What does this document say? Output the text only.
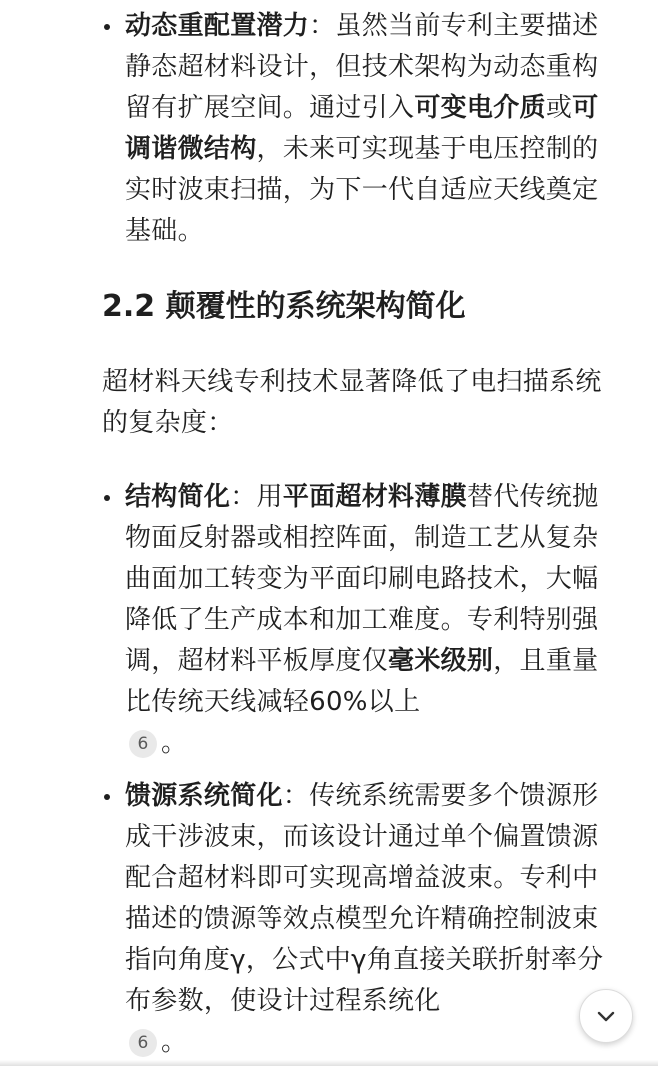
动态重配置潜力：虽然当前专利主要描述静态超材料设计，但技术架构为动态重构留有扩展空间。通过引入可变电介质或可调谐微结构，未来可实现基于电压控制的实时波束扫描，为下一代自适应天线奠定基础。
2.2 颠覆性的系统架构简化

超材料天线专利技术显著降低了电扫描系统的复杂度：

结构简化：用平面超材料薄膜替代传统抛物面反射器或相控阵面，制造工艺从复杂曲面加工转变为平面印刷电路技术，大幅降低了生产成本和加工难度。专利特别强调，超材料平板厚度仅毫米级别，且重量比传统天线减轻60%以上
6 。
馈源系统简化：传统系统需要多个馈源形成干涉波束，而该设计通过单个偏置馈源配合超材料即可实现高增益波束。专利中描述的馈源等效点模型允许精确控制波束指向角度γ，公式中γ角直接关联折射率分布参数，使设计过程系统化
6 。
